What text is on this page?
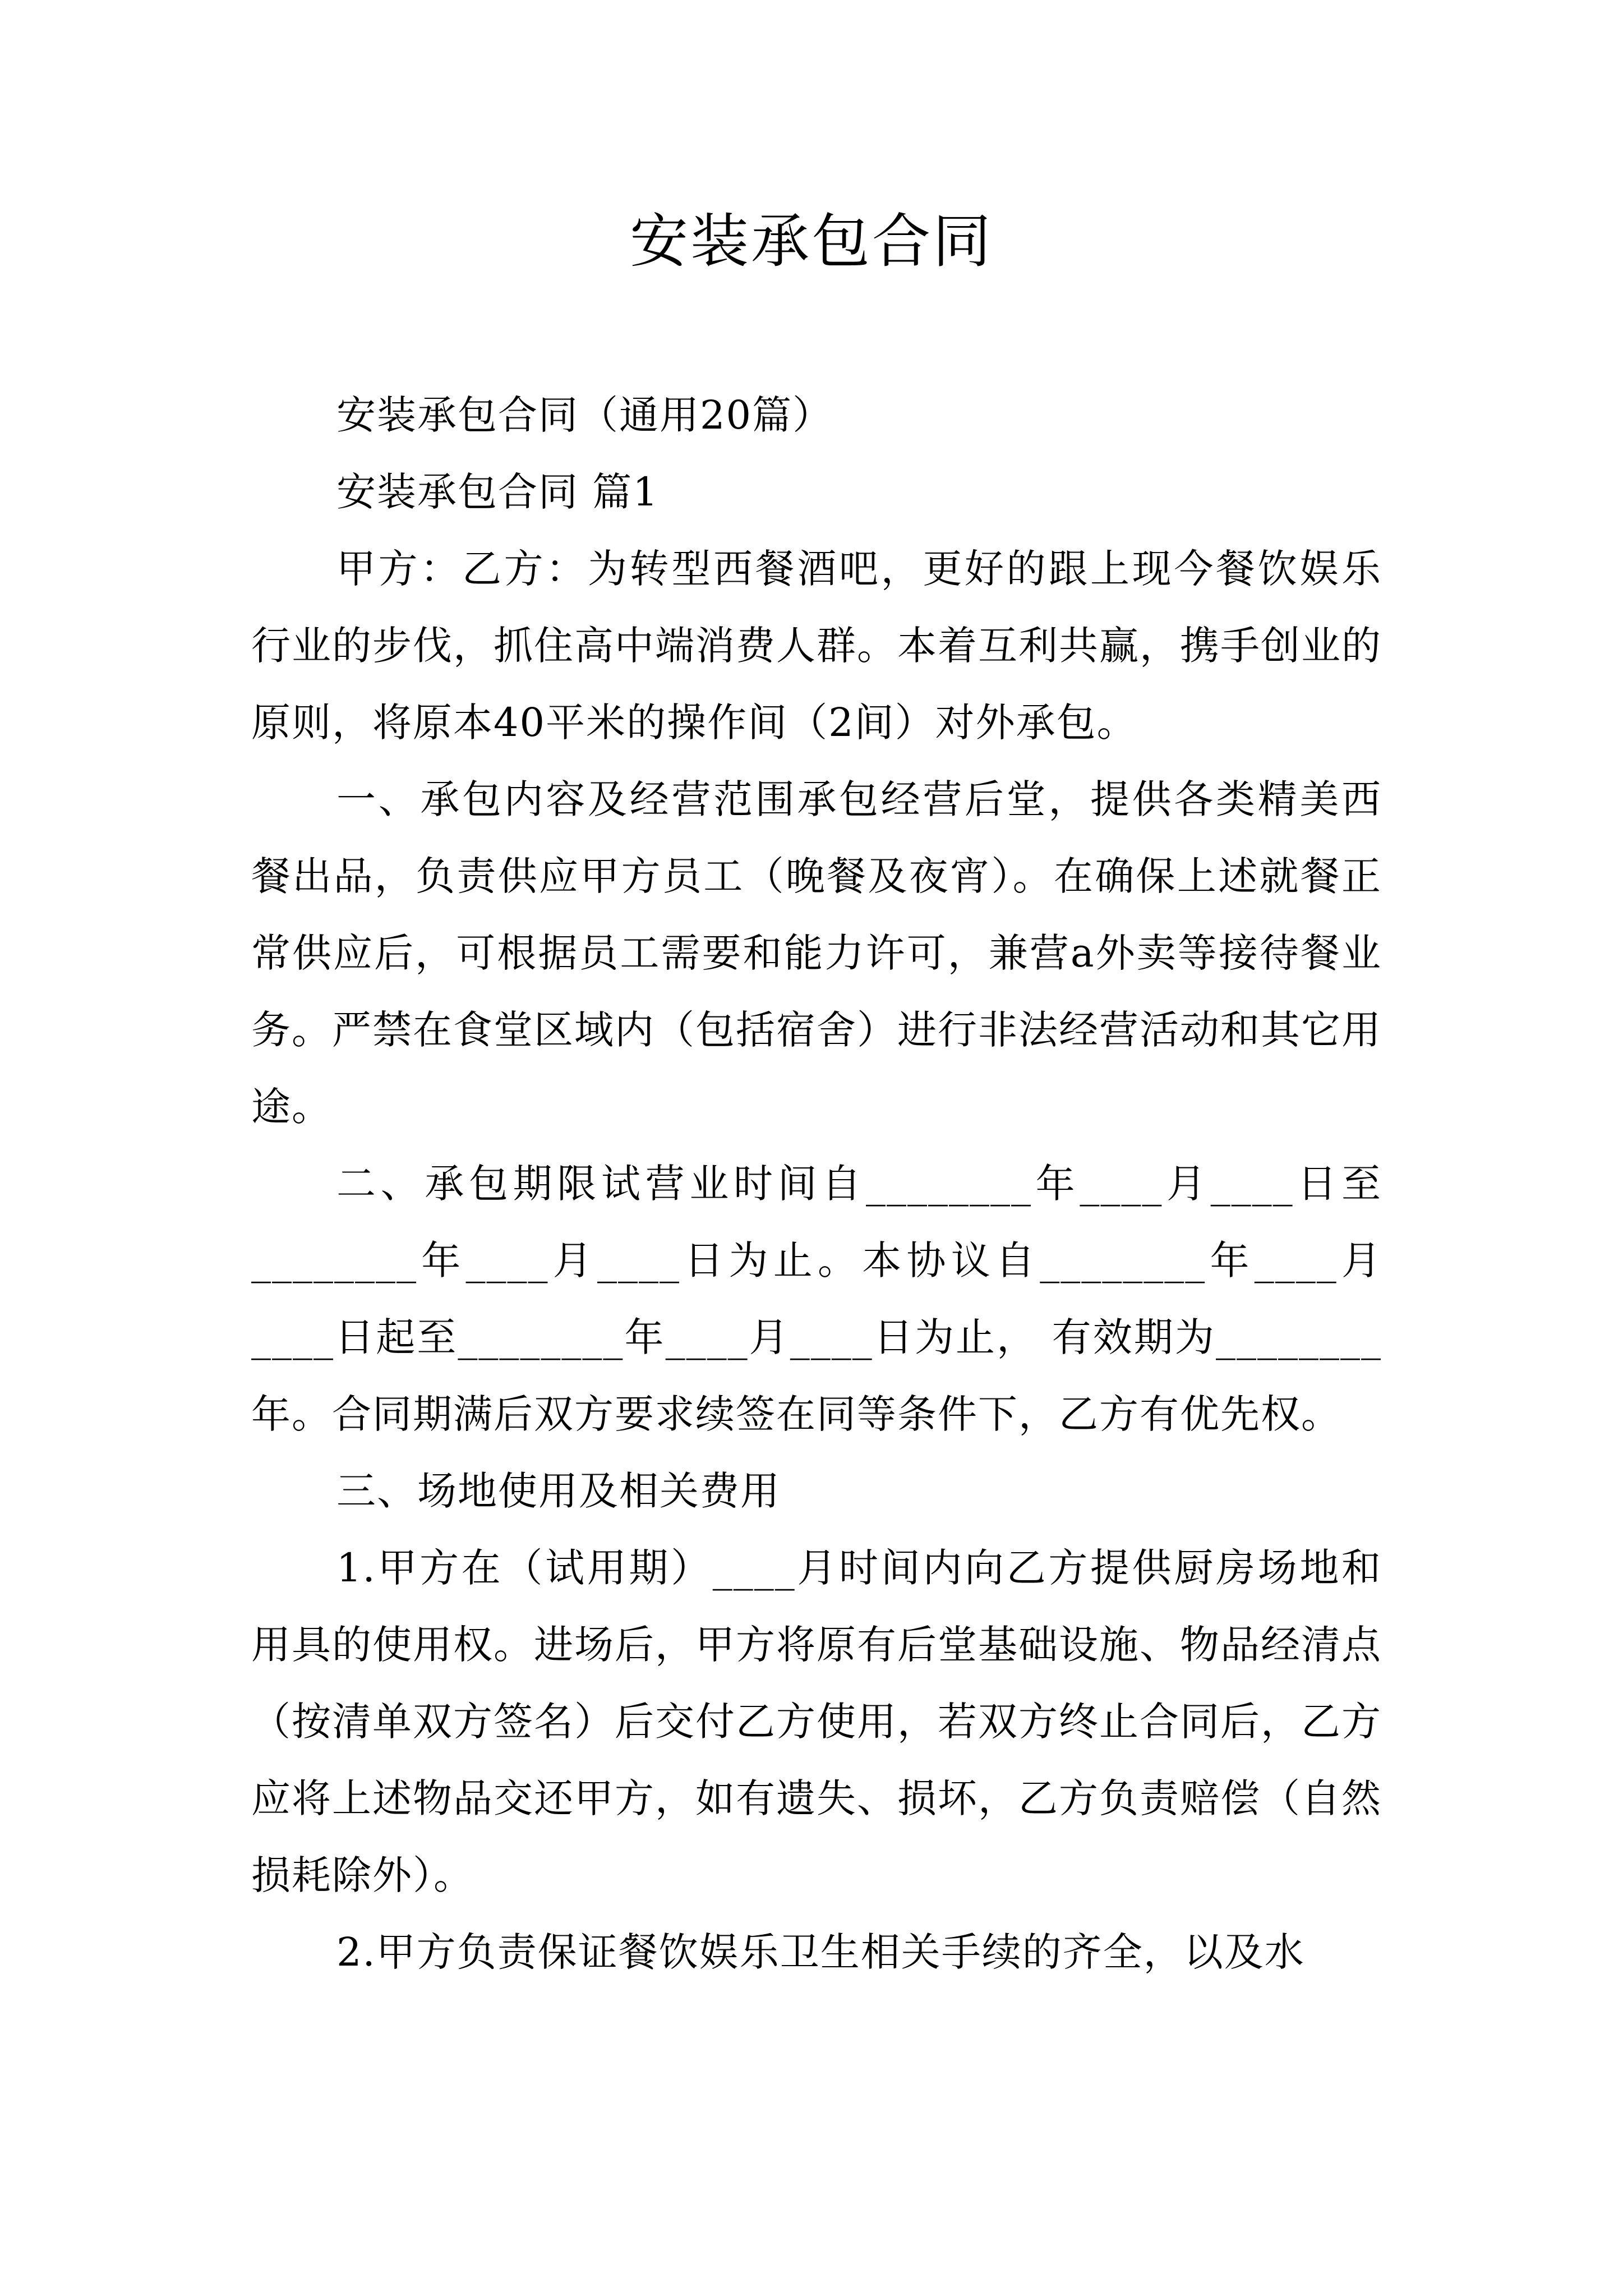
安装承包合同

安装承包合同（通用20篇）

安装承包合同 篇1

甲方：乙方：为转型西餐酒吧，更好的跟上现今餐饮娱乐行业的步伐，抓住高中端消费人群。本着互利共赢，携手创业的原则，将原本40平米的操作间（2间）对外承包。

一、承包内容及经营范围承包经营后堂，提供各类精美西餐出品，负责供应甲方员工（晚餐及夜宵）。在确保上述就餐正常供应后，可根据员工需要和能力许可，兼营a外卖等接待餐业务。严禁在食堂区域内（包括宿舍）进行非法经营活动和其它用途。

二、承包期限试营业时间自________年____月____日至________年____月____日为止。本协议自________年____月____日起至________年____月____日为止， 有效期为________年。合同期满后双方要求续签在同等条件下，乙方有优先权。

三、场地使用及相关费用

1.甲方在（试用期）____月时间内向乙方提供厨房场地和用具的使用权。进场后，甲方将原有后堂基础设施、物品经清点（按清单双方签名）后交付乙方使用，若双方终止合同后，乙方应将上述物品交还甲方，如有遗失、损坏，乙方负责赔偿（自然损耗除外）。

2.甲方负责保证餐饮娱乐卫生相关手续的齐全，以及水
